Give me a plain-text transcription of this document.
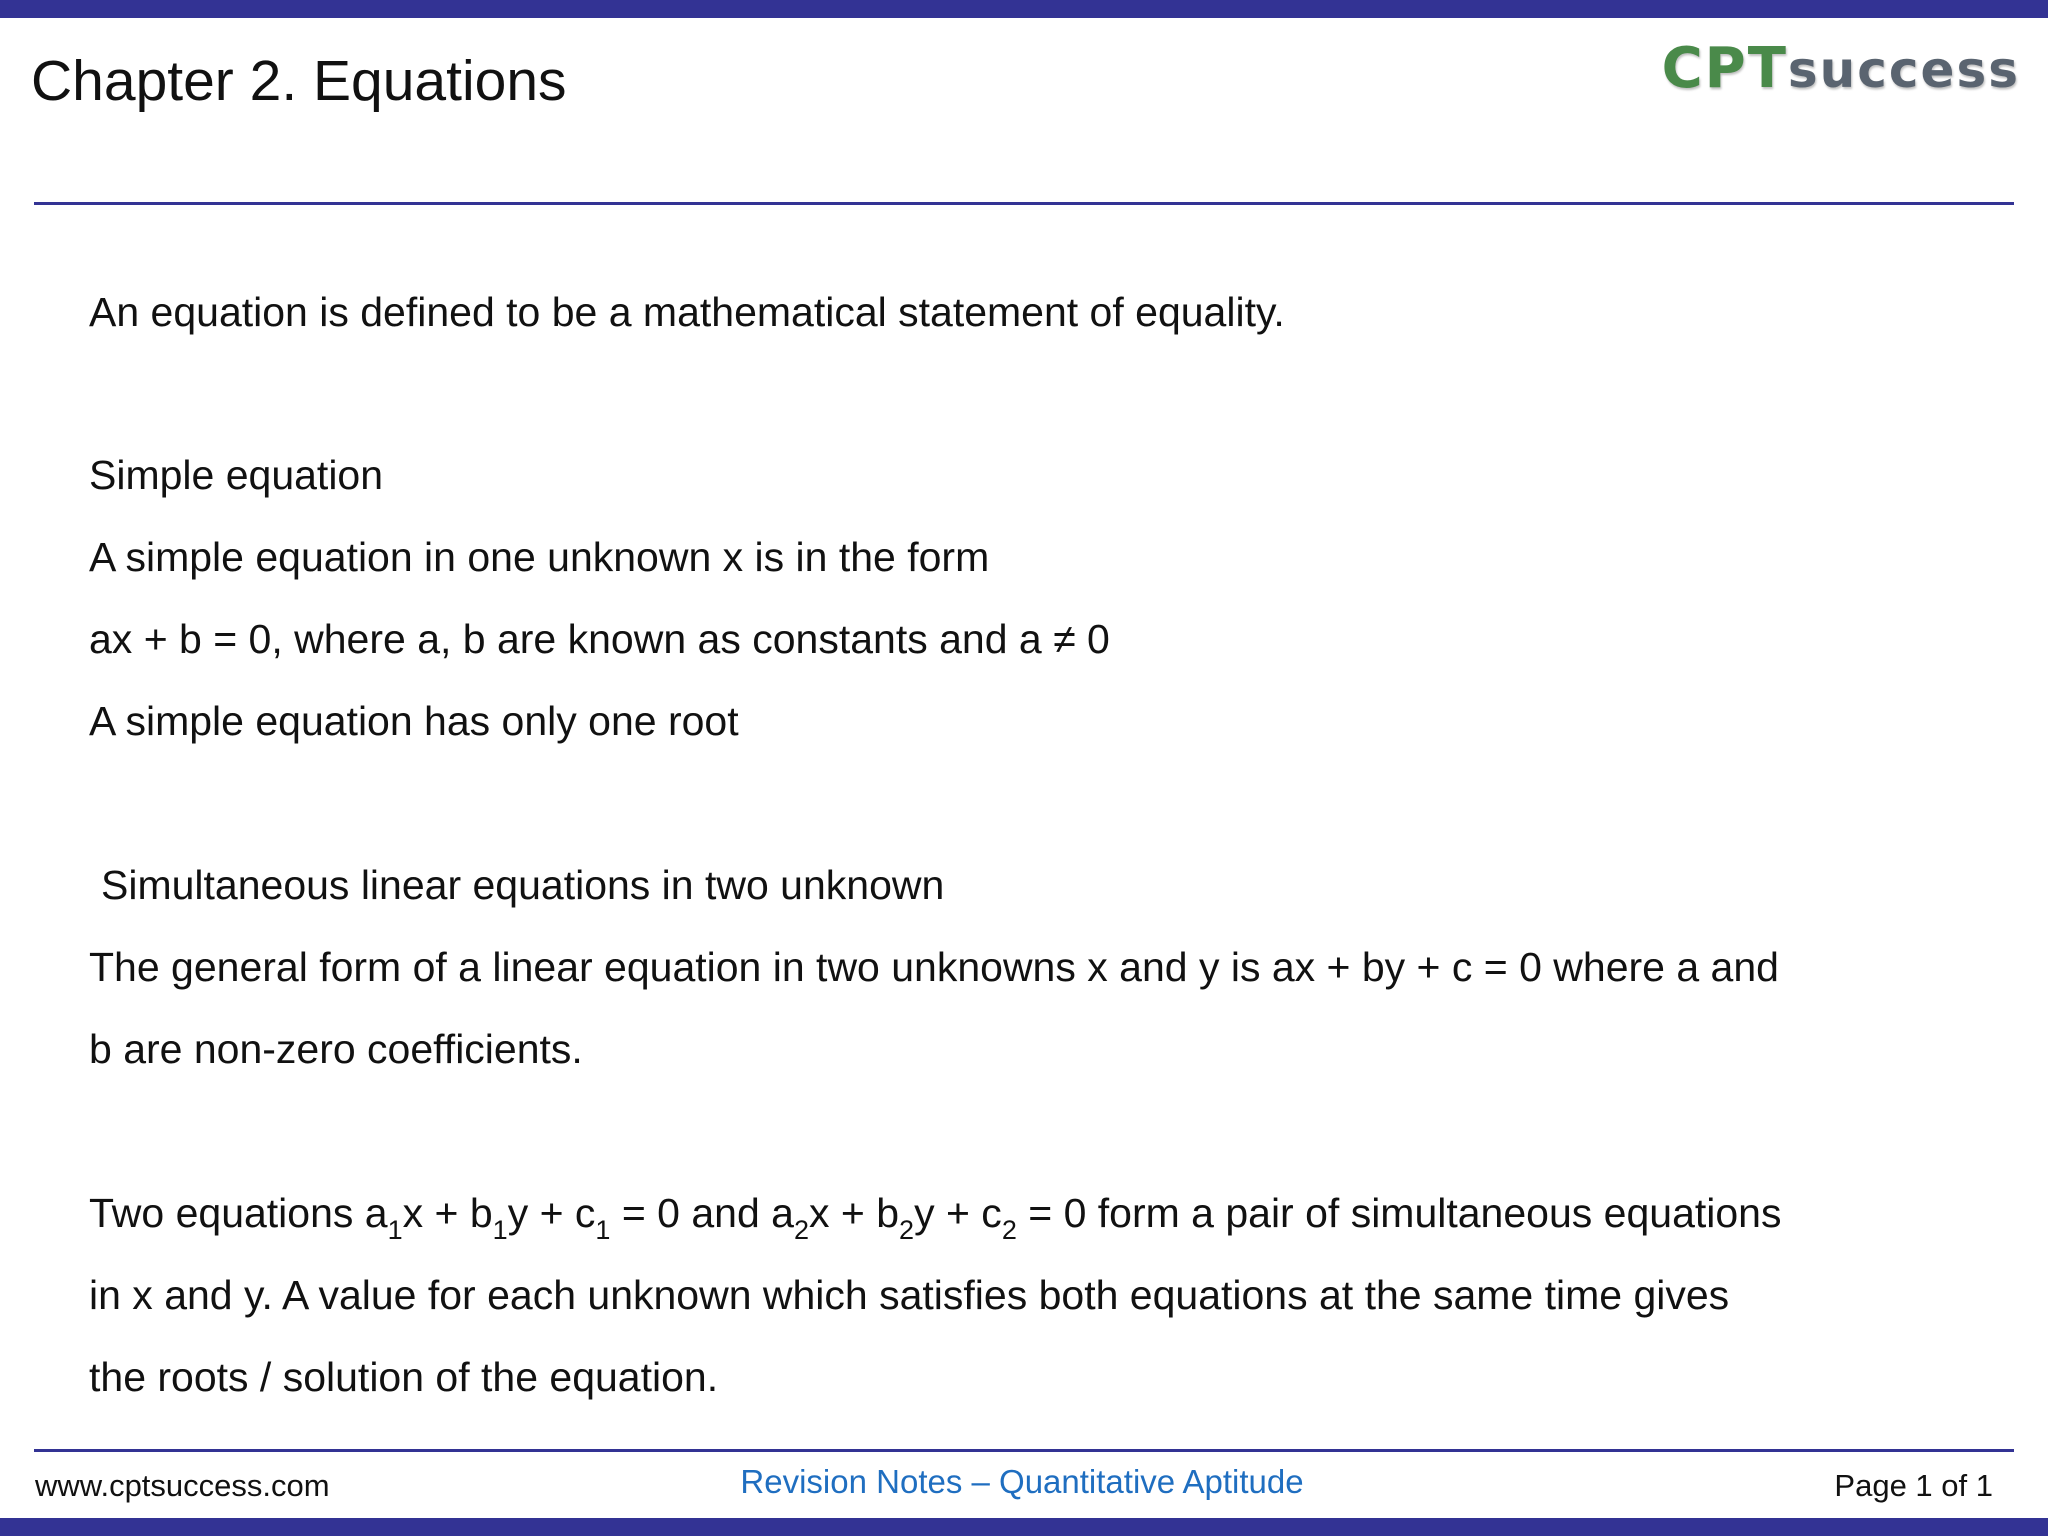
Chapter 2. Equations	CPTsuccess
An equation is defined to be a mathematical statement of equality.
Simple equation
A simple equation in one unknown x is in the form
ax + b = 0, where a, b are known as constants and a ≠ 0
A simple equation has only one root
Simultaneous linear equations in two unknown
The general form of a linear equation in two unknowns x and y is ax + by + c = 0 where a and
b are non-zero coefficients.
Two equations $a_1x + b_1y + c_1 = 0$ and $a_2x + b_2y + c_2 = 0$ form a pair of simultaneous equations
in x and y. A value for each unknown which satisfies both equations at the same time gives
the roots / solution of the equation.
www.cptsuccess.com	Revision Notes – Quantitative Aptitude	Page 1 of 1
